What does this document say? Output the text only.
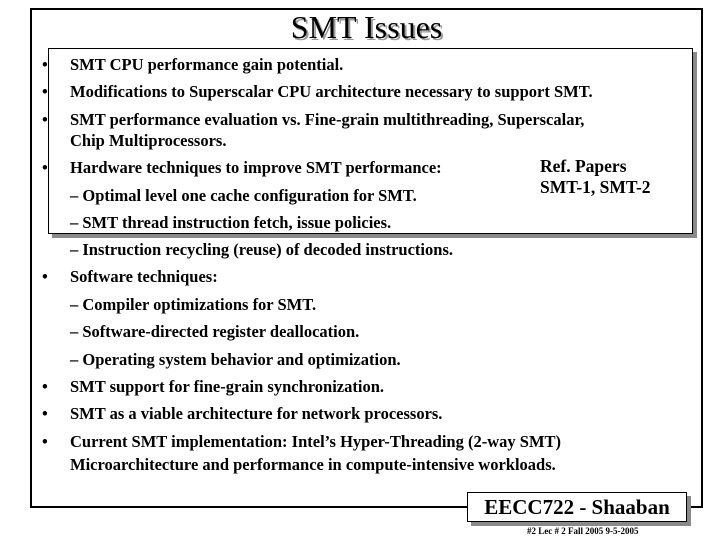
SMT Issues
• SMT CPU performance gain potential.
• Modifications to Superscalar CPU architecture necessary to support SMT.
• SMT performance evaluation vs. Fine-grain multithreading, Superscalar,
Chip Multiprocessors.
• Hardware techniques to improve SMT performance:
– Optimal level one cache configuration for SMT.
– SMT thread instruction fetch, issue policies.
– Instruction recycling (reuse) of decoded instructions.
• Software techniques:
– Compiler optimizations for SMT.
– Software-directed register deallocation.
– Operating system behavior and optimization.
• SMT support for fine-grain synchronization.
• SMT as a viable architecture for network processors.
• Current SMT implementation: Intel’s Hyper-Threading (2-way SMT)
Microarchitecture and performance in compute-intensive workloads.
Ref. Papers
SMT-1, SMT-2
EECC722 - Shaaban
#2 Lec # 2 Fall 2005 9-5-2005
